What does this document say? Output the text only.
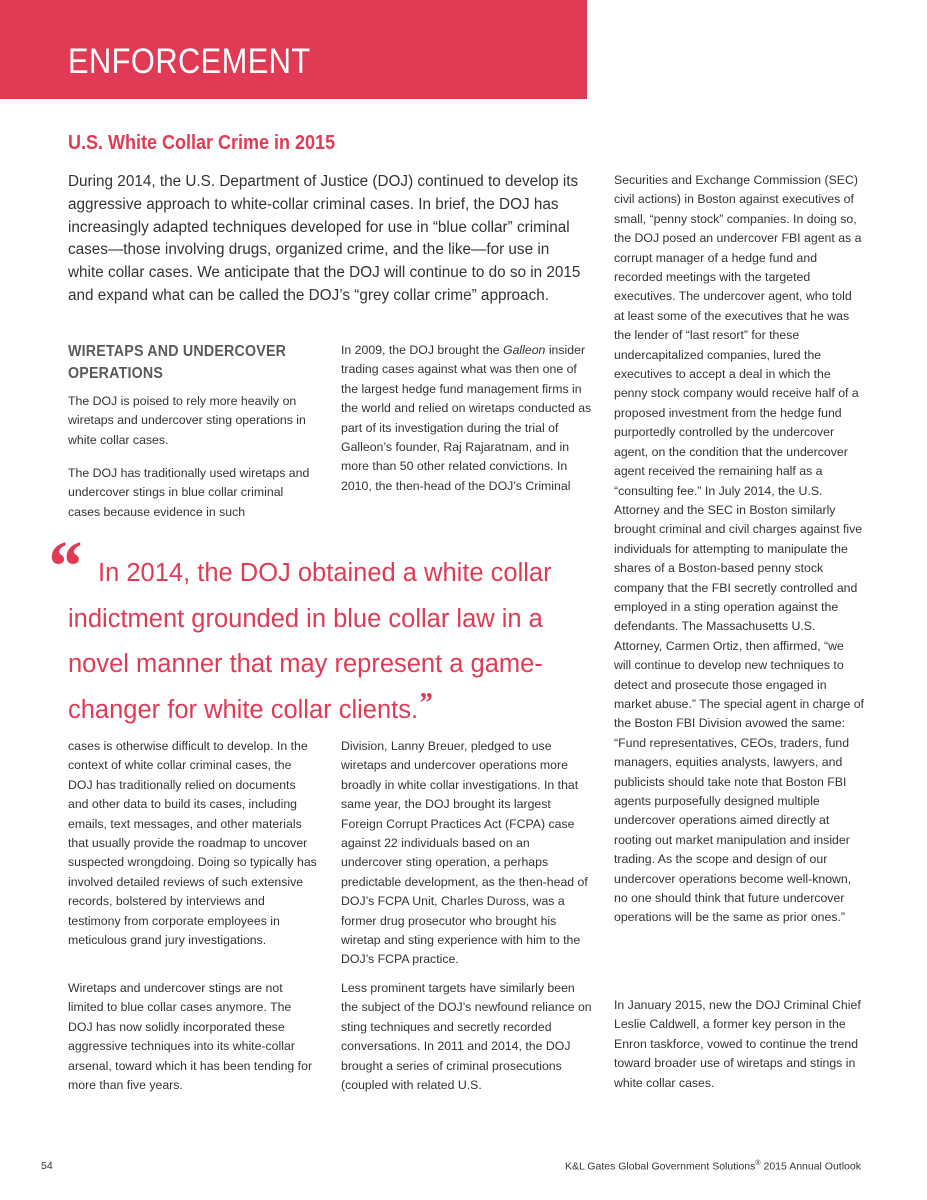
ENFORCEMENT
U.S. White Collar Crime in 2015

During 2014, the U.S. Department of Justice (DOJ) continued to develop its aggressive approach to white-collar criminal cases. In brief, the DOJ has increasingly adapted techniques developed for use in “blue collar” criminal cases—those involving drugs, organized crime, and the like—for use in white collar cases. We anticipate that the DOJ will continue to do so in 2015 and expand what can be called the DOJ’s “grey collar crime” approach.

WIRETAPS AND UNDERCOVER OPERATIONS

The DOJ is poised to rely more heavily on wiretaps and undercover sting operations in white collar cases.

The DOJ has traditionally used wiretaps and undercover stings in blue collar criminal cases because evidence in such

cases is otherwise difficult to develop. In the context of white collar criminal cases, the DOJ has traditionally relied on documents and other data to build its cases, including emails, text messages, and other materials that usually provide the roadmap to uncover suspected wrongdoing. Doing so typically has involved detailed reviews of such extensive records, bolstered by interviews and testimony from corporate employees in meticulous grand jury investigations.

Wiretaps and undercover stings are not limited to blue collar cases anymore. The DOJ has now solidly incorporated these aggressive techniques into its white-collar arsenal, toward which it has been tending for more than five years.

In 2009, the DOJ brought the Galleon insider trading cases against what was then one of the largest hedge fund management firms in the world and relied on wiretaps conducted as part of its investigation during the trial of Galleon’s founder, Raj Rajaratnam, and in more than 50 other related convictions. In 2010, the then-head of the DOJ’s Criminal

Division, Lanny Breuer, pledged to use wiretaps and undercover operations more broadly in white collar investigations. In that same year, the DOJ brought its largest Foreign Corrupt Practices Act (FCPA) case against 22 individuals based on an undercover sting operation, a perhaps predictable development, as the then-head of DOJ’s FCPA Unit, Charles Duross, was a former drug prosecutor who brought his wiretap and sting experience with him to the DOJ’s FCPA practice.

Less prominent targets have similarly been the subject of the DOJ’s newfound reliance on sting techniques and secretly recorded conversations. In 2011 and 2014, the DOJ brought a series of criminal prosecutions (coupled with related U.S.

Securities and Exchange Commission (SEC) civil actions) in Boston against executives of small, “penny stock” companies. In doing so, the DOJ posed an undercover FBI agent as a corrupt manager of a hedge fund and recorded meetings with the targeted executives. The undercover agent, who told at least some of the executives that he was the lender of “last resort” for these undercapitalized companies, lured the executives to accept a deal in which the penny stock company would receive half of a proposed investment from the hedge fund purportedly controlled by the undercover agent, on the condition that the undercover agent received the remaining half as a “consulting fee.” In July 2014, the U.S. Attorney and the SEC in Boston similarly brought criminal and civil charges against five individuals for attempting to manipulate the shares of a Boston-based penny stock company that the FBI secretly controlled and employed in a sting operation against the defendants. The Massachusetts U.S. Attorney, Carmen Ortiz, then affirmed, “we will continue to develop new techniques to detect and prosecute those engaged in market abuse.” The special agent in charge of the Boston FBI Division avowed the same: “Fund representatives, CEOs, traders, fund managers, equities analysts, lawyers, and publicists should take note that Boston FBI agents purposefully designed multiple undercover operations aimed directly at rooting out market manipulation and insider trading. As the scope and design of our undercover operations become well-known, no one should think that future undercover operations will be the same as prior ones.”

In January 2015, new the DOJ Criminal Chief Leslie Caldwell, a former key person in the Enron taskforce, vowed to continue the trend toward broader use of wiretaps and stings in white collar cases.

“ In 2014, the DOJ obtained a white collar indictment grounded in blue collar law in a novel manner that may represent a game-changer for white collar clients.”

54	K&L Gates Global Government Solutions® 2015 Annual Outlook
